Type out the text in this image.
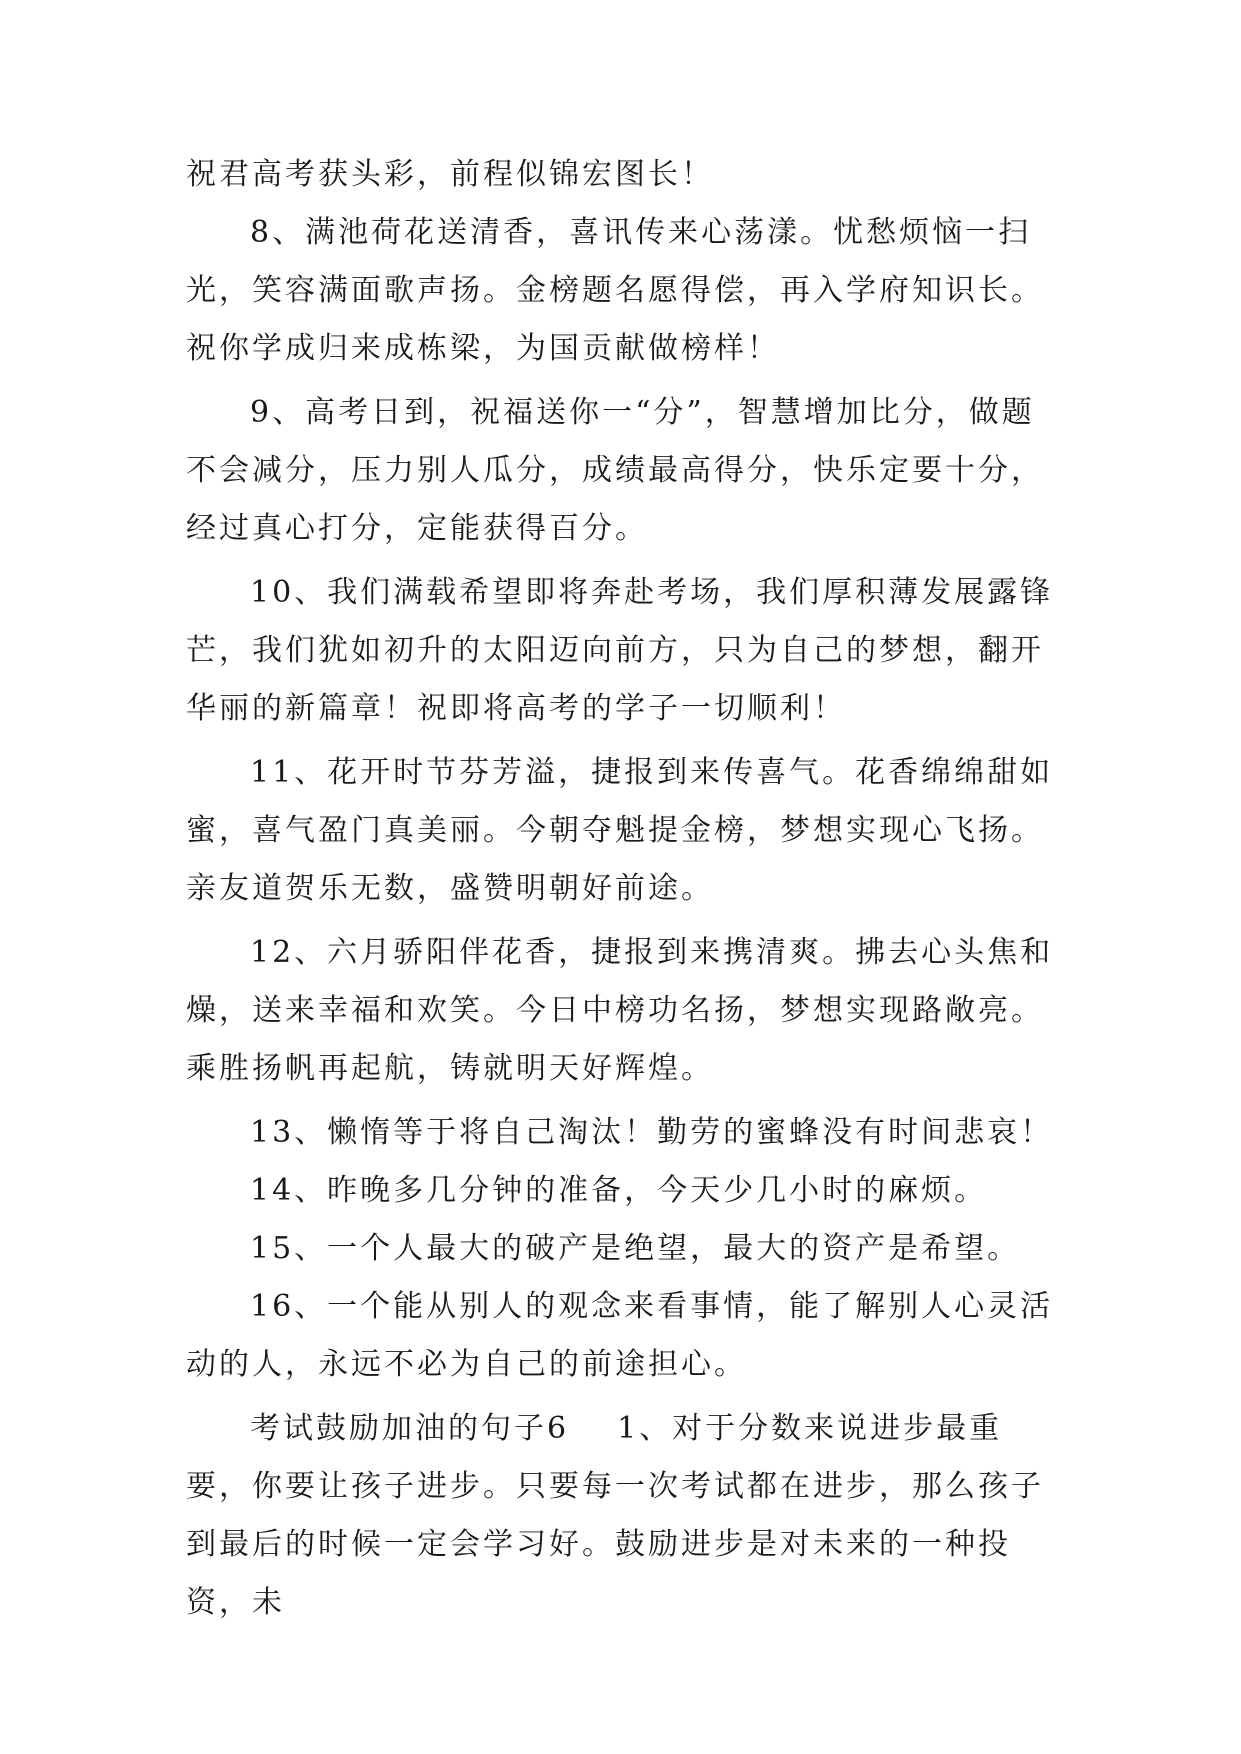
祝君高考获头彩，前程似锦宏图长！

8、满池荷花送清香，喜讯传来心荡漾。忧愁烦恼一扫光，笑容满面歌声扬。金榜题名愿得偿，再入学府知识长。祝你学成归来成栋梁，为国贡献做榜样！

9、高考日到，祝福送你一“分”，智慧增加比分，做题不会减分，压力别人瓜分，成绩最高得分，快乐定要十分，经过真心打分，定能获得百分。

10、我们满载希望即将奔赴考场，我们厚积薄发展露锋芒，我们犹如初升的太阳迈向前方，只为自己的梦想，翻开华丽的新篇章！祝即将高考的学子一切顺利！

11、花开时节芬芳溢，捷报到来传喜气。花香绵绵甜如蜜，喜气盈门真美丽。今朝夺魁提金榜，梦想实现心飞扬。亲友道贺乐无数，盛赞明朝好前途。

12、六月骄阳伴花香，捷报到来携清爽。拂去心头焦和燥，送来幸福和欢笑。今日中榜功名扬，梦想实现路敞亮。乘胜扬帆再起航，铸就明天好辉煌。

13、懒惰等于将自己淘汰！勤劳的蜜蜂没有时间悲哀！

14、昨晚多几分钟的准备，今天少几小时的麻烦。

15、一个人最大的破产是绝望，最大的资产是希望。

16、一个能从别人的观念来看事情，能了解别人心灵活动的人，永远不必为自己的前途担心。

考试鼓励加油的句子6 1、对于分数来说进步最重要，你要让孩子进步。只要每一次考试都在进步，那么孩子到最后的时候一定会学习好。鼓励进步是对未来的一种投资，未
